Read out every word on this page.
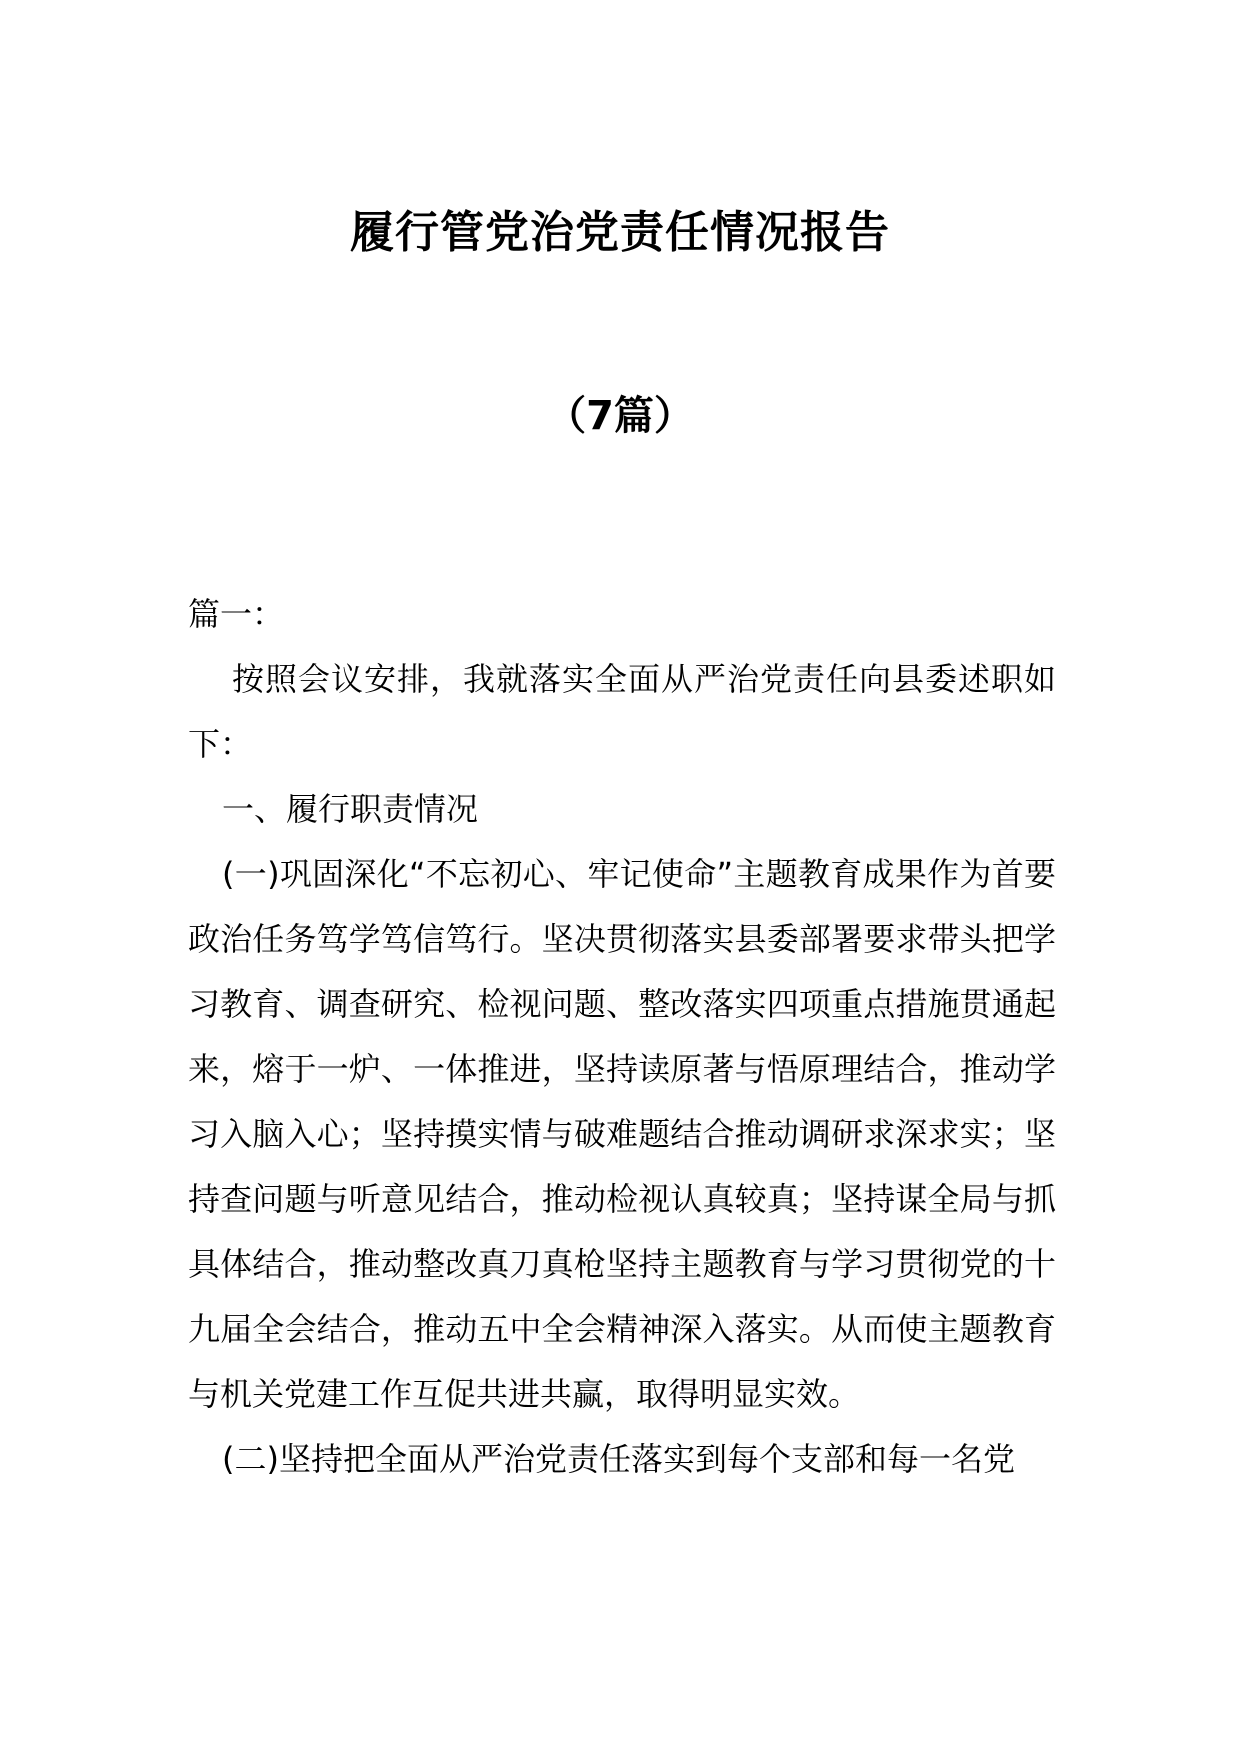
履行管党治党责任情况报告
（7篇）

篇一：

按照会议安排，我就落实全面从严治党责任向县委述职如下：

一、履行职责情况

(一)巩固深化“不忘初心、牢记使命”主题教育成果作为首要政治任务笃学笃信笃行。坚决贯彻落实县委部署要求带头把学习教育、调查研究、检视问题、整改落实四项重点措施贯通起来，熔于一炉、一体推进，坚持读原著与悟原理结合，推动学习入脑入心；坚持摸实情与破难题结合推动调研求深求实；坚持查问题与听意见结合，推动检视认真较真；坚持谋全局与抓具体结合，推动整改真刀真枪坚持主题教育与学习贯彻党的十九届全会结合，推动五中全会精神深入落实。从而使主题教育与机关党建工作互促共进共赢，取得明显实效。

(二)坚持把全面从严治党责任落实到每个支部和每一名党
